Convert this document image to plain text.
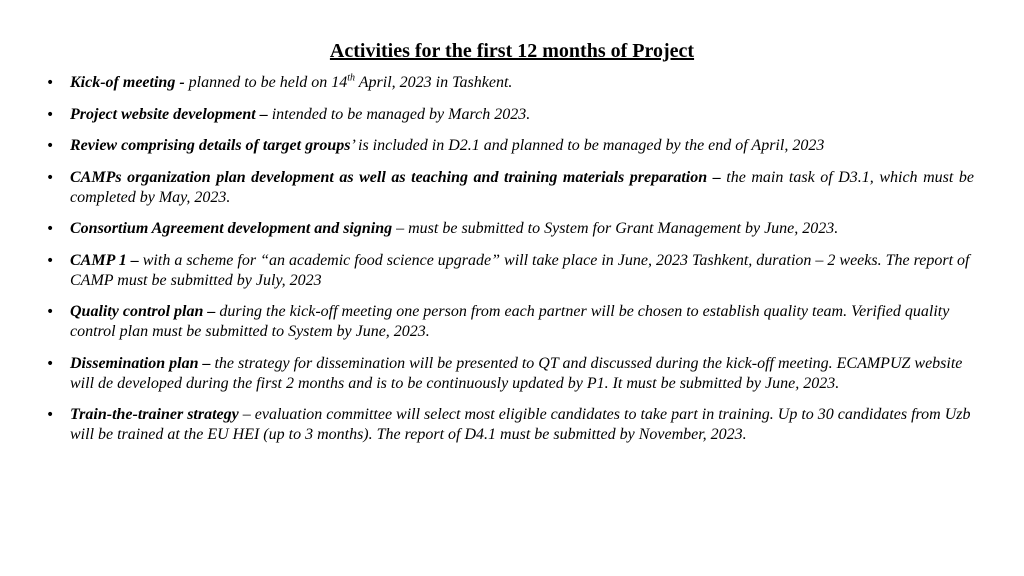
Activities for the first 12 months of Project
• Kick-of meeting - planned to be held on 14th April, 2023 in Tashkent.
• Project website development – intended to be managed by March 2023.
• Review comprising details of target groups’ is included in D2.1 and planned to be managed by the end of April, 2023
• CAMPs organization plan development as well as teaching and training materials preparation – the main task of D3.1, which must be completed by May, 2023.
• Consortium Agreement development and signing – must be submitted to System for Grant Management by June, 2023.
• CAMP 1 – with a scheme for “an academic food science upgrade” will take place in June, 2023 Tashkent, duration – 2 weeks. The report of CAMP must be submitted by July, 2023
• Quality control plan – during the kick-off meeting one person from each partner will be chosen to establish quality team. Verified quality control plan must be submitted to System by June, 2023.
• Dissemination plan – the strategy for dissemination will be presented to QT and discussed during the kick-off meeting. ECAMPUZ website will de developed during the first 2 months and is to be continuously updated by P1. It must be submitted by June, 2023.
• Train-the-trainer strategy – evaluation committee will select most eligible candidates to take part in training. Up to 30 candidates from Uzb will be trained at the EU HEI (up to 3 months). The report of D4.1 must be submitted by November, 2023.
